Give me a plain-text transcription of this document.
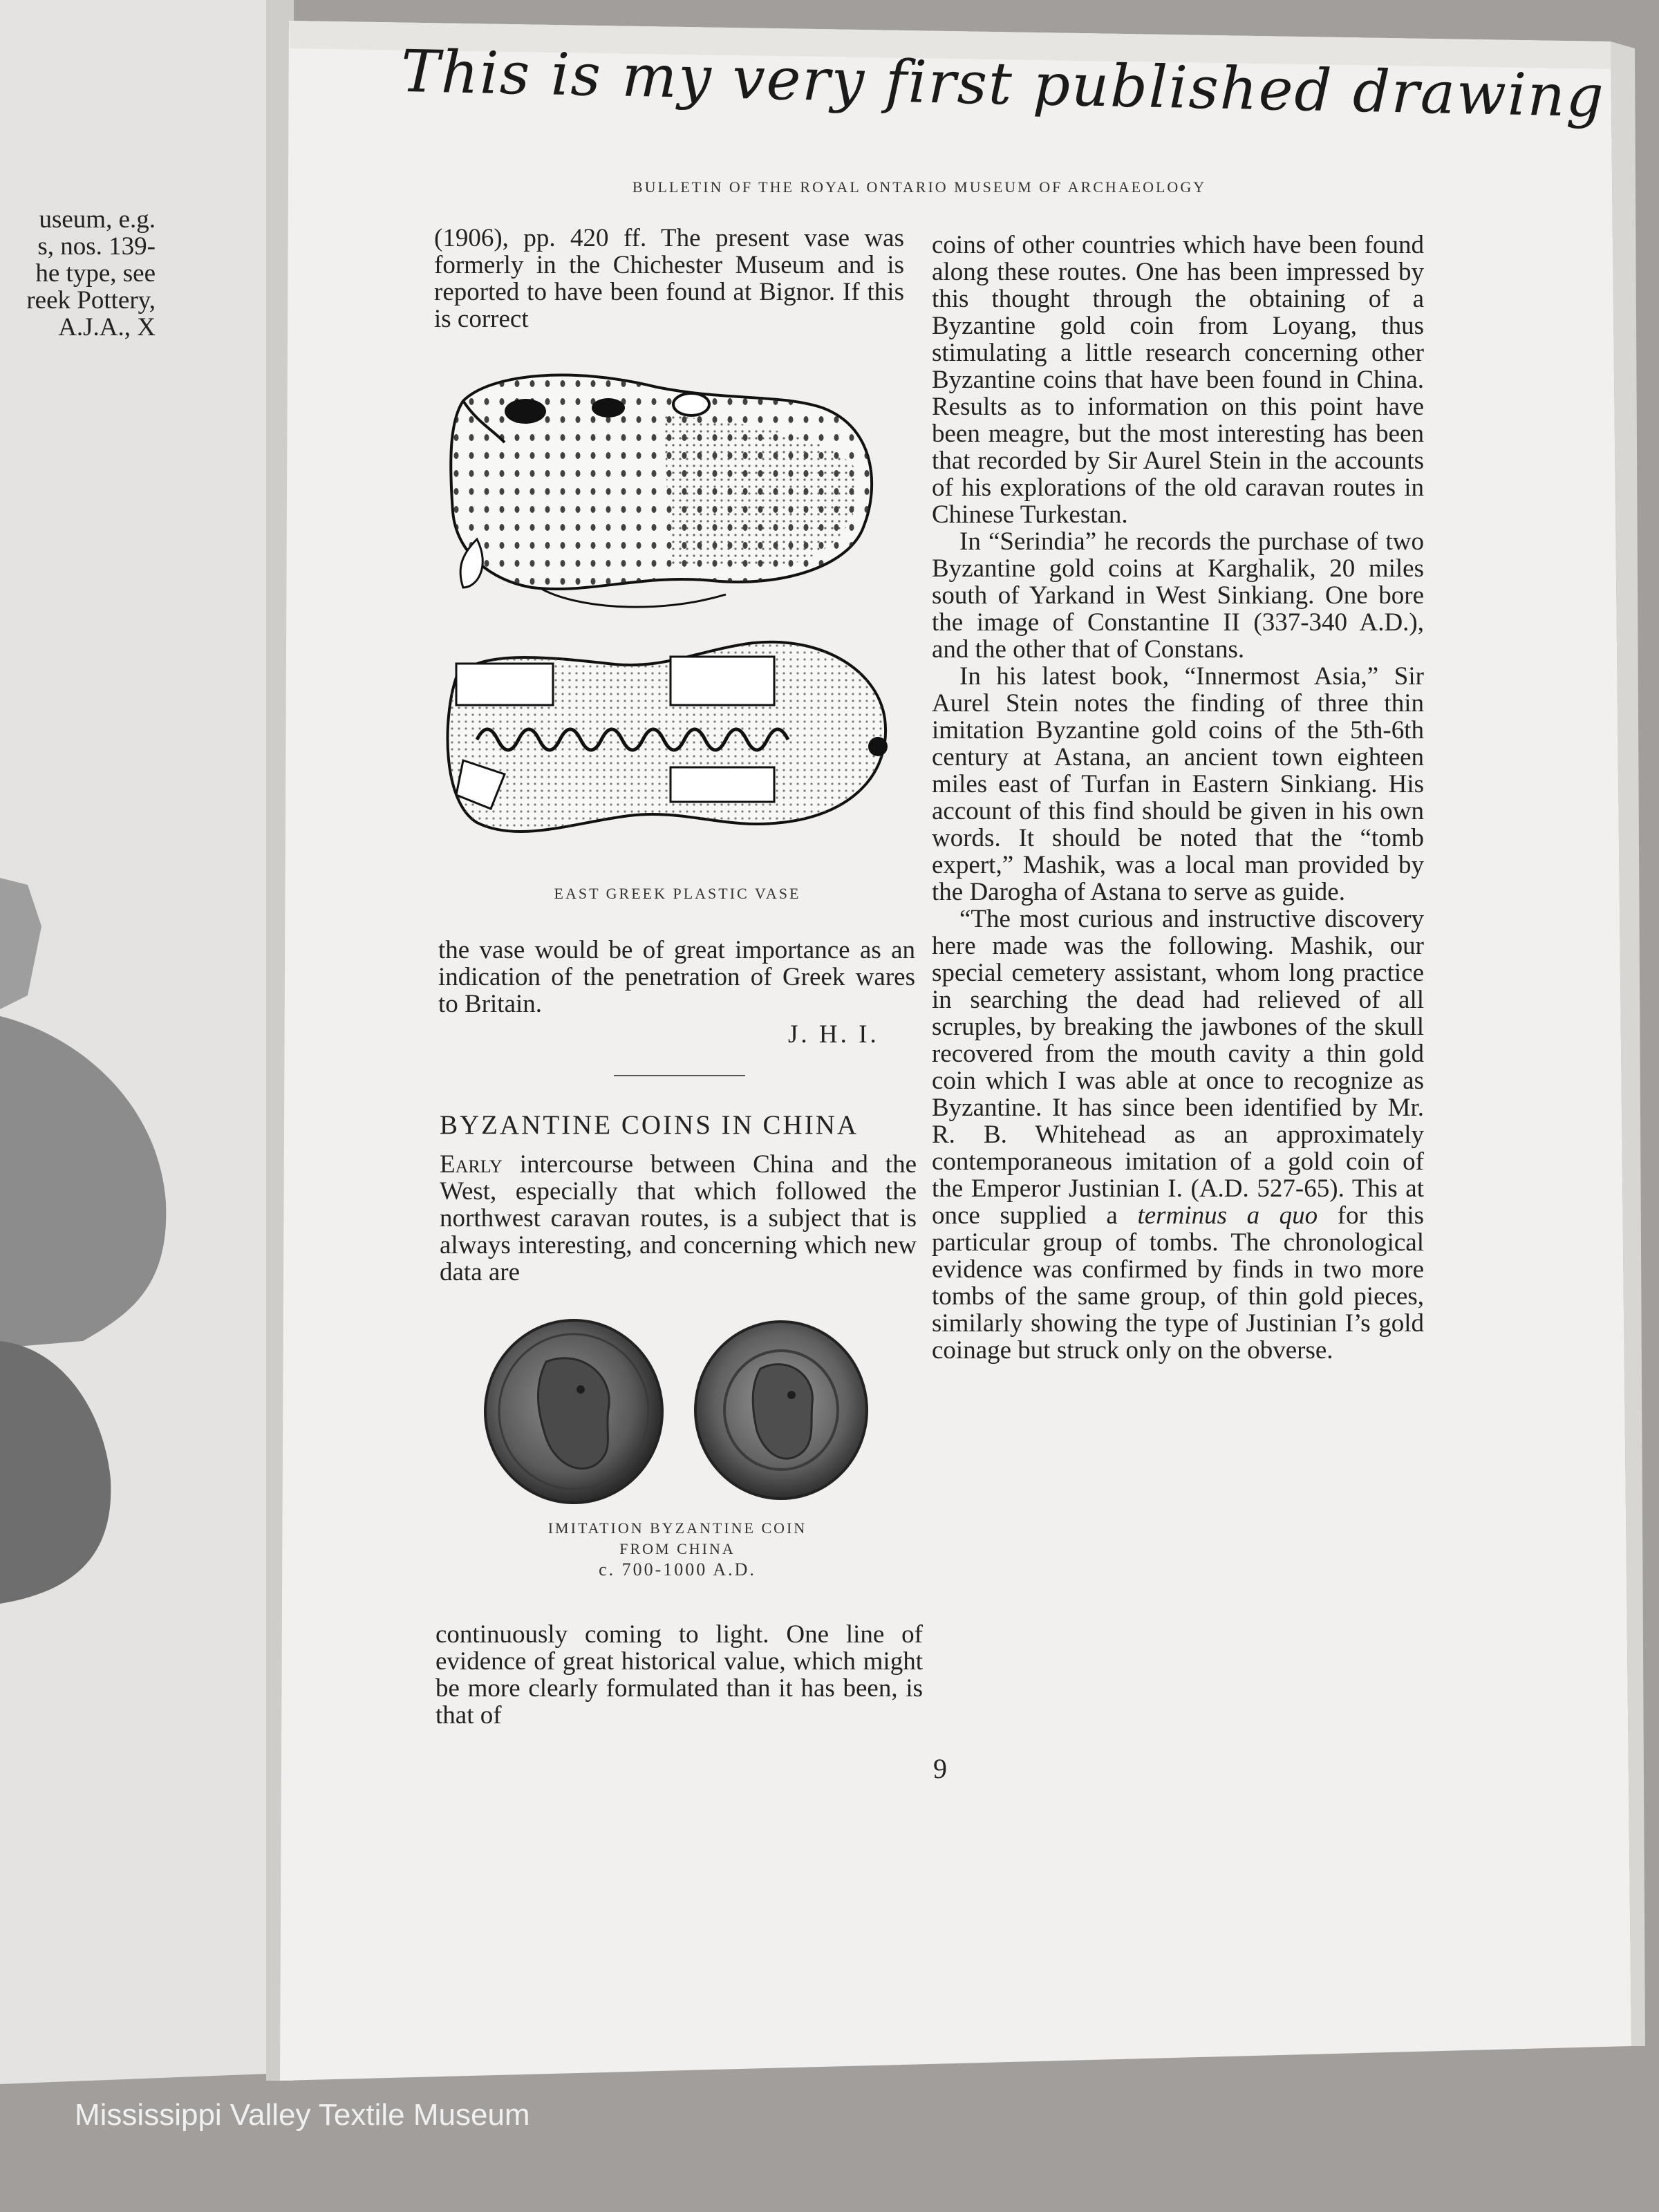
This is my very first published drawing
useum, e.g.
s, nos. 139-
he type, see
reek Pottery,
A.J.A., X
BULLETIN OF THE ROYAL ONTARIO MUSEUM OF ARCHAEOLOGY

(1906), pp. 420 ff. The present vase was formerly in the Chichester Museum and is reported to have been found at Bignor. If this is correct

EAST GREEK PLASTIC VASE

the vase would be of great importance as an indication of the penetration of Greek wares to Britain.

J. H. I.
BYZANTINE COINS IN CHINA

Early intercourse between China and the West, especially that which followed the northwest caravan routes, is a subject that is always interesting, and concerning which new data are

IMITATION BYZANTINE COIN
FROM CHINA
c. 700-1000 A.D.

continuously coming to light. One line of evidence of great historical value, which might be more clearly formulated than it has been, is that of

coins of other countries which have been found along these routes. One has been impressed by this thought through the obtaining of a Byzantine gold coin from Loyang, thus stimulating a little research concerning other Byzantine coins that have been found in China. Results as to information on this point have been meagre, but the most interesting has been that recorded by Sir Aurel Stein in the accounts of his explorations of the old caravan routes in Chinese Turkestan.

In “Serindia” he records the purchase of two Byzantine gold coins at Karghalik, 20 miles south of Yarkand in West Sinkiang. One bore the image of Constantine II (337-340 A.D.), and the other that of Constans.

In his latest book, “Innermost Asia,” Sir Aurel Stein notes the finding of three thin imitation Byzantine gold coins of the 5th-6th century at Astana, an ancient town eighteen miles east of Turfan in Eastern Sinkiang. His account of this find should be given in his own words. It should be noted that the “tomb expert,” Mashik, was a local man provided by the Darogha of Astana to serve as guide.

“The most curious and instructive discovery here made was the following. Mashik, our special cemetery assistant, whom long practice in searching the dead had relieved of all scruples, by breaking the jawbones of the skull recovered from the mouth cavity a thin gold coin which I was able at once to recognize as Byzantine. It has since been identified by Mr. R. B. Whitehead as an approximately contemporaneous imitation of a gold coin of the Emperor Justinian I. (A.D. 527-65). This at once supplied a terminus a quo for this particular group of tombs. The chronological evidence was confirmed by finds in two more tombs of the same group, of thin gold pieces, similarly showing the type of Justinian I’s gold coinage but struck only on the obverse.

9
Mississippi Valley Textile Museum
